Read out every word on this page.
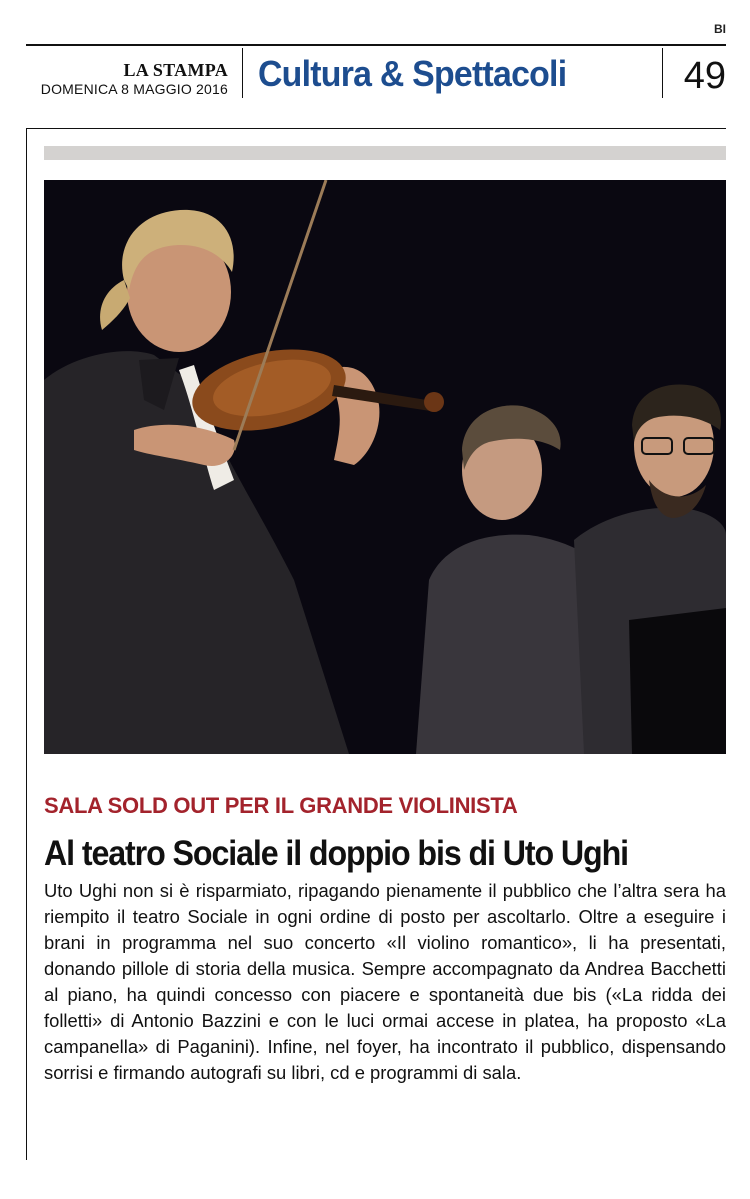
BI
LA STAMPA
DOMENICA 8 MAGGIO 2016 Cultura & Spettacoli	49
SALA SOLD OUT PER IL GRANDE VIOLINISTA
Al teatro Sociale il doppio bis di Uto Ughi
Uto Ughi non si è risparmiato, ripagando pienamente il pubblico che l’altra sera ha riempito il teatro Sociale in ogni ordine di posto per ascoltarlo. Oltre a eseguire i brani in programma nel suo concerto «Il violino romantico», li ha presentati, donando pillole di storia della musica. Sempre accompagnato da Andrea Bacchetti al piano, ha quindi concesso con piacere e spontaneità due bis («La ridda dei folletti» di Antonio Bazzini e con le luci ormai accese in platea, ha proposto «La campanella» di Paganini). Infine, nel foyer, ha incontrato il pubblico, dispensando sorrisi e firmando autografi su libri, cd e programmi di sala.
